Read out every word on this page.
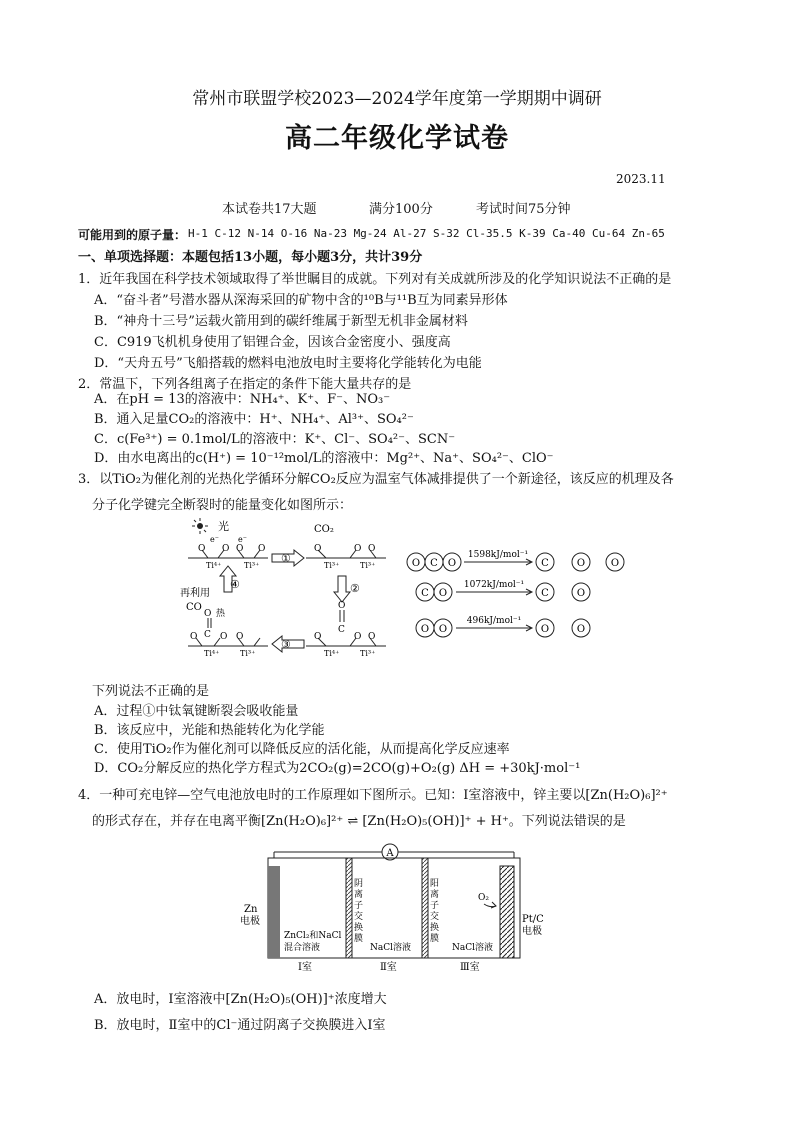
常州市联盟学校2023—2024学年度第一学期期中调研
高二年级化学试卷
2023.11
本试卷共17大题	满分100分	考试时间75分钟
可能用到的原子量： H-1 C-12 N-14 O-16 Na-23 Mg-24 Al-27 S-32 Cl-35.5 K-39 Ca-40 Cu-64 Zn-65
一、单项选择题：本题包括13小题，每小题3分，共计39分
1．近年我国在科学技术领域取得了举世瞩目的成就。下列对有关成就所涉及的化学知识说法不正确的是
A．“奋斗者”号潜水器从深海采回的矿物中含的¹⁰B与¹¹B互为同素异形体
B．“神舟十三号”运载火箭用到的碳纤维属于新型无机非金属材料
C．C919飞机机身使用了铝锂合金，因该合金密度小、强度高
D．“天舟五号”飞船搭载的燃料电池放电时主要将化学能转化为电能
2．常温下，下列各组离子在指定的条件下能大量共存的是
A．在pH = 13的溶液中：NH₄⁺、K⁺、F⁻、NO₃⁻
B．通入足量CO₂的溶液中：H⁺、NH₄⁺、Al³⁺、SO₄²⁻
C．c(Fe³⁺) = 0.1mol/L的溶液中：K⁺、Cl⁻、SO₄²⁻、SCN⁻
D．由水电离出的c(H⁺) = 10⁻¹²mol/L的溶液中：Mg²⁺、Na⁺、SO₄²⁻、ClO⁻
3．以TiO₂为催化剂的光热化学循环分解CO₂反应为温室气体减排提供了一个新途径，该反应的机理及各
分子化学键完全断裂时的能量变化如图所示：
光
O O O O
e⁻ e⁻
Ti⁴⁺	Ti³⁺
CO₂
O	O O
Ti³⁺	Ti³⁺
O
C
O	O O
Ti⁴⁺	Ti³⁺
再利用
CO
O 热
C
O	O O
Ti⁴⁺	Ti³⁺
①
②
③
④
O C O	C	O	O
C O	C	O
O O	O	O
1598kJ/mol⁻¹
1072kJ/mol⁻¹
496kJ/mol⁻¹
下列说法不正确的是
A．过程①中钛氧键断裂会吸收能量
B．该反应中，光能和热能转化为化学能
C．使用TiO₂作为催化剂可以降低反应的活化能，从而提高化学反应速率
D．CO₂分解反应的热化学方程式为2CO₂(g)=2CO(g)+O₂(g) ΔH = +30kJ·mol⁻¹
4．一种可充电锌—空气电池放电时的工作原理如下图所示。已知：Ⅰ室溶液中，锌主要以[Zn(H₂O)₆]²⁺
的形式存在，并存在电离平衡[Zn(H₂O)₆]²⁺ ⇌ [Zn(H₂O)₅(OH)]⁺ + H⁺。下列说法错误的是
A
Zn
电极	Pt/C
电极
O₂
阴
离
子
交
换
膜
阳
离
子
交
换
膜
ZnCl₂和NaCl
混合溶液	NaCl溶液	NaCl溶液
Ⅰ室	Ⅱ室	Ⅲ室
A．放电时，Ⅰ室溶液中[Zn(H₂O)₅(OH)]⁺浓度增大
B．放电时，Ⅱ室中的Cl⁻通过阴离子交换膜进入Ⅰ室
